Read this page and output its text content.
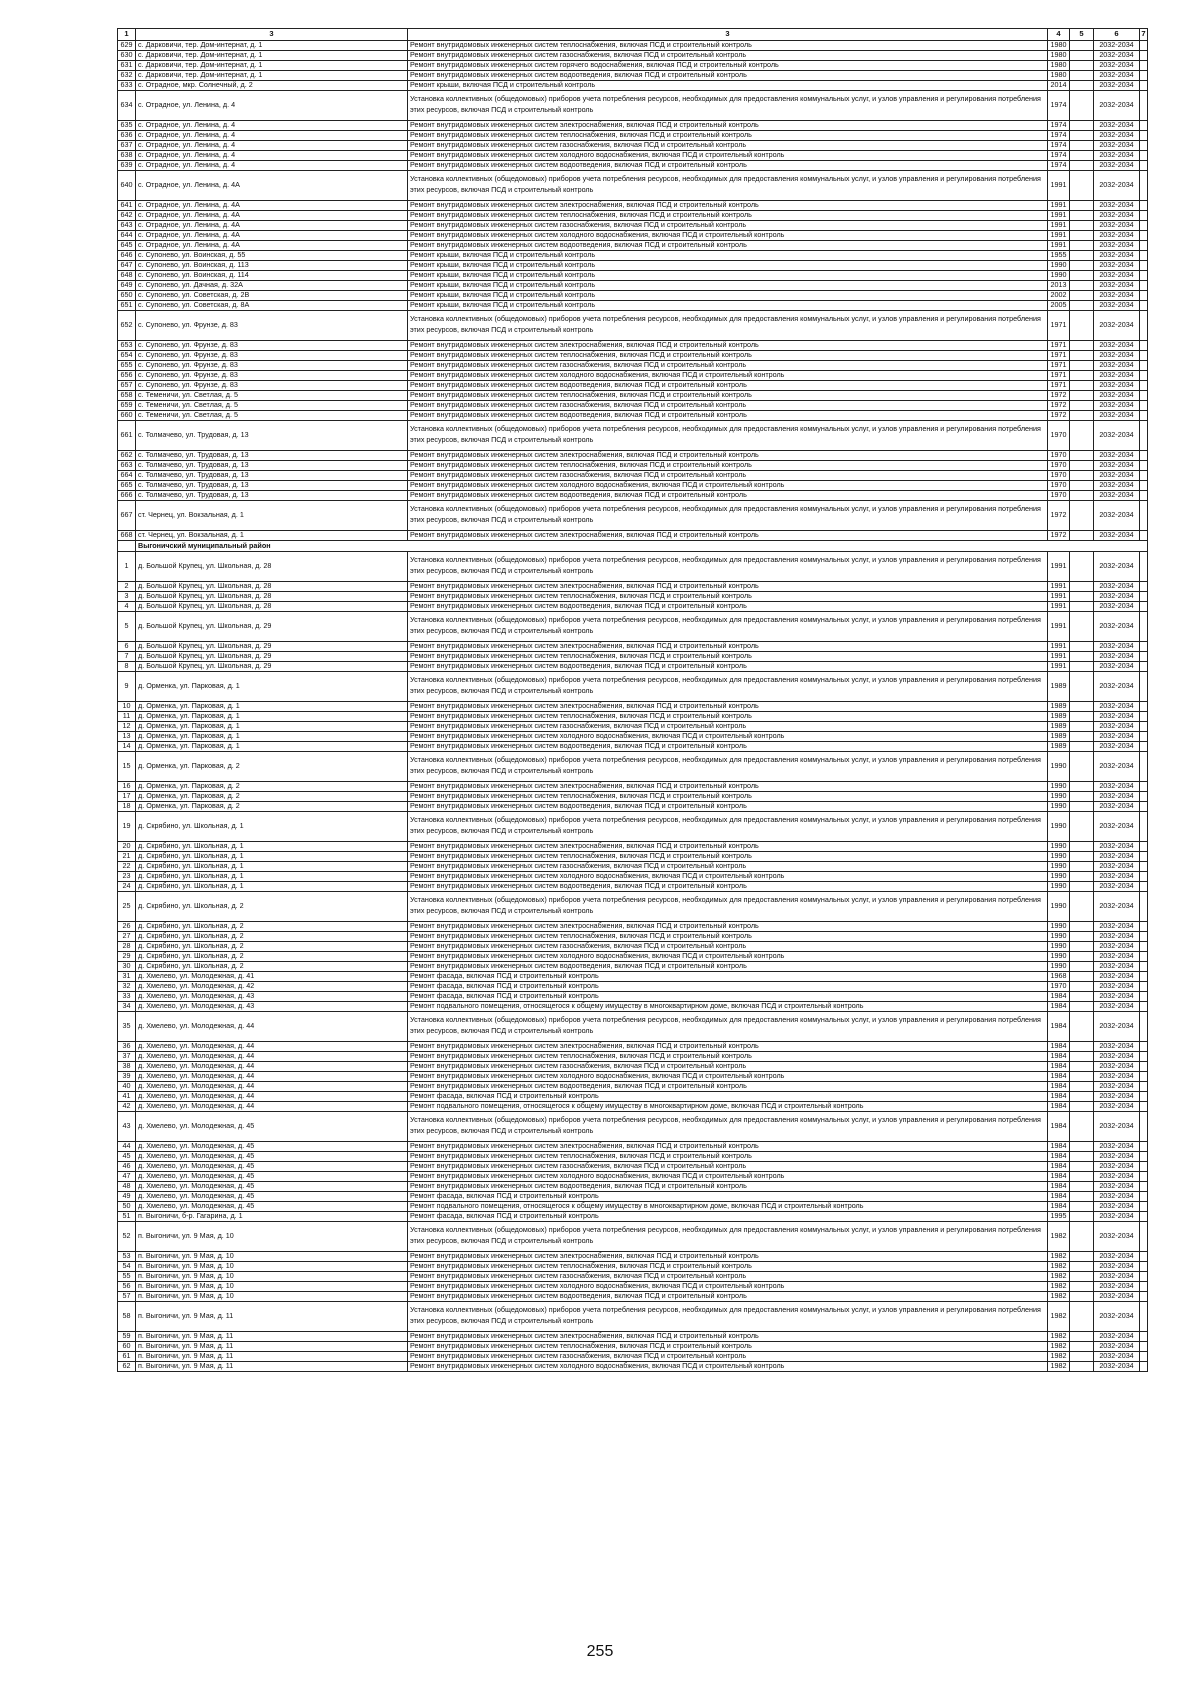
1	3	3	4	5	6	7
629	с. Дарковичи, тер. Дом-интернат, д. 1	Ремонт внутридомовых инженерных систем теплоснабжения, включая ПСД и строительный контроль	1980		2032-2034	
630	с. Дарковичи, тер. Дом-интернат, д. 1	Ремонт внутридомовых инженерных систем газоснабжения, включая ПСД и строительный контроль	1980		2032-2034	
631	с. Дарковичи, тер. Дом-интернат, д. 1	Ремонт внутридомовых инженерных систем горячего водоснабжения, включая ПСД и строительный контроль	1980		2032-2034	
632	с. Дарковичи, тер. Дом-интернат, д. 1	Ремонт внутридомовых инженерных систем водоотведения, включая ПСД и строительный контроль	1980		2032-2034	
633	с. Отрадное, мкр. Солнечный, д. 2	Ремонт крыши, включая ПСД и строительный контроль	2014		2032-2034	
634	с. Отрадное, ул. Ленина, д. 4	Установка коллективных (общедомовых) приборов учета потребления ресурсов, необходимых для предоставления коммунальных услуг, и узлов управления и регулирования потребления этих ресурсов, включая ПСД и строительный контроль	1974		2032-2034	
635	с. Отрадное, ул. Ленина, д. 4	Ремонт внутридомовых инженерных систем электроснабжения, включая ПСД и строительный контроль	1974		2032-2034	
636	с. Отрадное, ул. Ленина, д. 4	Ремонт внутридомовых инженерных систем теплоснабжения, включая ПСД и строительный контроль	1974		2032-2034	
637	с. Отрадное, ул. Ленина, д. 4	Ремонт внутридомовых инженерных систем газоснабжения, включая ПСД и строительный контроль	1974		2032-2034	
638	с. Отрадное, ул. Ленина, д. 4	Ремонт внутридомовых инженерных систем холодного водоснабжения, включая ПСД и строительный контроль	1974		2032-2034	
639	с. Отрадное, ул. Ленина, д. 4	Ремонт внутридомовых инженерных систем водоотведения, включая ПСД и строительный контроль	1974		2032-2034	
640	с. Отрадное, ул. Ленина, д. 4А	Установка коллективных (общедомовых) приборов учета потребления ресурсов, необходимых для предоставления коммунальных услуг, и узлов управления и регулирования потребления этих ресурсов, включая ПСД и строительный контроль	1991		2032-2034	
641	с. Отрадное, ул. Ленина, д. 4А	Ремонт внутридомовых инженерных систем электроснабжения, включая ПСД и строительный контроль	1991		2032-2034	
642	с. Отрадное, ул. Ленина, д. 4А	Ремонт внутридомовых инженерных систем теплоснабжения, включая ПСД и строительный контроль	1991		2032-2034	
643	с. Отрадное, ул. Ленина, д. 4А	Ремонт внутридомовых инженерных систем газоснабжения, включая ПСД и строительный контроль	1991		2032-2034	
644	с. Отрадное, ул. Ленина, д. 4А	Ремонт внутридомовых инженерных систем холодного водоснабжения, включая ПСД и строительный контроль	1991		2032-2034	
645	с. Отрадное, ул. Ленина, д. 4А	Ремонт внутридомовых инженерных систем водоотведения, включая ПСД и строительный контроль	1991		2032-2034	
646	с. Супонево, ул. Воинская, д. 55	Ремонт крыши, включая ПСД и строительный контроль	1955		2032-2034	
647	с. Супонево, ул. Воинская, д. 113	Ремонт крыши, включая ПСД и строительный контроль	1990		2032-2034	
648	с. Супонево, ул. Воинская, д. 114	Ремонт крыши, включая ПСД и строительный контроль	1990		2032-2034	
649	с. Супонево, ул. Дачная, д. 32А	Ремонт крыши, включая ПСД и строительный контроль	2013		2032-2034	
650	с. Супонево, ул. Советская, д. 2В	Ремонт крыши, включая ПСД и строительный контроль	2002		2032-2034	
651	с. Супонево, ул. Советская, д. 8А	Ремонт крыши, включая ПСД и строительный контроль	2005		2032-2034	
652	с. Супонево, ул. Фрунзе, д. 83	Установка коллективных (общедомовых) приборов учета потребления ресурсов, необходимых для предоставления коммунальных услуг, и узлов управления и регулирования потребления этих ресурсов, включая ПСД и строительный контроль	1971		2032-2034	
653	с. Супонево, ул. Фрунзе, д. 83	Ремонт внутридомовых инженерных систем электроснабжения, включая ПСД и строительный контроль	1971		2032-2034	
654	с. Супонево, ул. Фрунзе, д. 83	Ремонт внутридомовых инженерных систем теплоснабжения, включая ПСД и строительный контроль	1971		2032-2034	
655	с. Супонево, ул. Фрунзе, д. 83	Ремонт внутридомовых инженерных систем газоснабжения, включая ПСД и строительный контроль	1971		2032-2034	
656	с. Супонево, ул. Фрунзе, д. 83	Ремонт внутридомовых инженерных систем холодного водоснабжения, включая ПСД и строительный контроль	1971		2032-2034	
657	с. Супонево, ул. Фрунзе, д. 83	Ремонт внутридомовых инженерных систем водоотведения, включая ПСД и строительный контроль	1971		2032-2034	
658	с. Теменичи, ул. Светлая, д. 5	Ремонт внутридомовых инженерных систем теплоснабжения, включая ПСД и строительный контроль	1972		2032-2034	
659	с. Теменичи, ул. Светлая, д. 5	Ремонт внутридомовых инженерных систем газоснабжения, включая ПСД и строительный контроль	1972		2032-2034	
660	с. Теменичи, ул. Светлая, д. 5	Ремонт внутридомовых инженерных систем водоотведения, включая ПСД и строительный контроль	1972		2032-2034	
661	с. Толмачево, ул. Трудовая, д. 13	Установка коллективных (общедомовых) приборов учета потребления ресурсов, необходимых для предоставления коммунальных услуг, и узлов управления и регулирования потребления этих ресурсов, включая ПСД и строительный контроль	1970		2032-2034	
662	с. Толмачево, ул. Трудовая, д. 13	Ремонт внутридомовых инженерных систем электроснабжения, включая ПСД и строительный контроль	1970		2032-2034	
663	с. Толмачево, ул. Трудовая, д. 13	Ремонт внутридомовых инженерных систем теплоснабжения, включая ПСД и строительный контроль	1970		2032-2034	
664	с. Толмачево, ул. Трудовая, д. 13	Ремонт внутридомовых инженерных систем газоснабжения, включая ПСД и строительный контроль	1970		2032-2034	
665	с. Толмачево, ул. Трудовая, д. 13	Ремонт внутридомовых инженерных систем холодного водоснабжения, включая ПСД и строительный контроль	1970		2032-2034	
666	с. Толмачево, ул. Трудовая, д. 13	Ремонт внутридомовых инженерных систем водоотведения, включая ПСД и строительный контроль	1970		2032-2034	
667	ст. Чернец, ул. Вокзальная, д. 1	Установка коллективных (общедомовых) приборов учета потребления ресурсов, необходимых для предоставления коммунальных услуг, и узлов управления и регулирования потребления этих ресурсов, включая ПСД и строительный контроль	1972		2032-2034	
668	ст. Чернец, ул. Вокзальная, д. 1	Ремонт внутридомовых инженерных систем электроснабжения, включая ПСД и строительный контроль	1972		2032-2034	
	Выгоничский муниципальный район					
1	д. Большой Крупец, ул. Школьная, д. 28	Установка коллективных (общедомовых) приборов учета потребления ресурсов, необходимых для предоставления коммунальных услуг, и узлов управления и регулирования потребления этих ресурсов, включая ПСД и строительный контроль	1991		2032-2034	
2	д. Большой Крупец, ул. Школьная, д. 28	Ремонт внутридомовых инженерных систем электроснабжения, включая ПСД и строительный контроль	1991		2032-2034	
3	д. Большой Крупец, ул. Школьная, д. 28	Ремонт внутридомовых инженерных систем теплоснабжения, включая ПСД и строительный контроль	1991		2032-2034	
4	д. Большой Крупец, ул. Школьная, д. 28	Ремонт внутридомовых инженерных систем водоотведения, включая ПСД и строительный контроль	1991		2032-2034	
5	д. Большой Крупец, ул. Школьная, д. 29	Установка коллективных (общедомовых) приборов учета потребления ресурсов, необходимых для предоставления коммунальных услуг, и узлов управления и регулирования потребления этих ресурсов, включая ПСД и строительный контроль	1991		2032-2034	
6	д. Большой Крупец, ул. Школьная, д. 29	Ремонт внутридомовых инженерных систем электроснабжения, включая ПСД и строительный контроль	1991		2032-2034	
7	д. Большой Крупец, ул. Школьная, д. 29	Ремонт внутридомовых инженерных систем теплоснабжения, включая ПСД и строительный контроль	1991		2032-2034	
8	д. Большой Крупец, ул. Школьная, д. 29	Ремонт внутридомовых инженерных систем водоотведения, включая ПСД и строительный контроль	1991		2032-2034	
9	д. Орменка, ул. Парковая, д. 1	Установка коллективных (общедомовых) приборов учета потребления ресурсов, необходимых для предоставления коммунальных услуг, и узлов управления и регулирования потребления этих ресурсов, включая ПСД и строительный контроль	1989		2032-2034	
10	д. Орменка, ул. Парковая, д. 1	Ремонт внутридомовых инженерных систем электроснабжения, включая ПСД и строительный контроль	1989		2032-2034	
11	д. Орменка, ул. Парковая, д. 1	Ремонт внутридомовых инженерных систем теплоснабжения, включая ПСД и строительный контроль	1989		2032-2034	
12	д. Орменка, ул. Парковая, д. 1	Ремонт внутридомовых инженерных систем газоснабжения, включая ПСД и строительный контроль	1989		2032-2034	
13	д. Орменка, ул. Парковая, д. 1	Ремонт внутридомовых инженерных систем холодного водоснабжения, включая ПСД и строительный контроль	1989		2032-2034	
14	д. Орменка, ул. Парковая, д. 1	Ремонт внутридомовых инженерных систем водоотведения, включая ПСД и строительный контроль	1989		2032-2034	
15	д. Орменка, ул. Парковая, д. 2	Установка коллективных (общедомовых) приборов учета потребления ресурсов, необходимых для предоставления коммунальных услуг, и узлов управления и регулирования потребления этих ресурсов, включая ПСД и строительный контроль	1990		2032-2034	
16	д. Орменка, ул. Парковая, д. 2	Ремонт внутридомовых инженерных систем электроснабжения, включая ПСД и строительный контроль	1990		2032-2034	
17	д. Орменка, ул. Парковая, д. 2	Ремонт внутридомовых инженерных систем теплоснабжения, включая ПСД и строительный контроль	1990		2032-2034	
18	д. Орменка, ул. Парковая, д. 2	Ремонт внутридомовых инженерных систем водоотведения, включая ПСД и строительный контроль	1990		2032-2034	
19	д. Скрябино, ул. Школьная, д. 1	Установка коллективных (общедомовых) приборов учета потребления ресурсов, необходимых для предоставления коммунальных услуг, и узлов управления и регулирования потребления этих ресурсов, включая ПСД и строительный контроль	1990		2032-2034	
20	д. Скрябино, ул. Школьная, д. 1	Ремонт внутридомовых инженерных систем электроснабжения, включая ПСД и строительный контроль	1990		2032-2034	
21	д. Скрябино, ул. Школьная, д. 1	Ремонт внутридомовых инженерных систем теплоснабжения, включая ПСД и строительный контроль	1990		2032-2034	
22	д. Скрябино, ул. Школьная, д. 1	Ремонт внутридомовых инженерных систем газоснабжения, включая ПСД и строительный контроль	1990		2032-2034	
23	д. Скрябино, ул. Школьная, д. 1	Ремонт внутридомовых инженерных систем холодного водоснабжения, включая ПСД и строительный контроль	1990		2032-2034	
24	д. Скрябино, ул. Школьная, д. 1	Ремонт внутридомовых инженерных систем водоотведения, включая ПСД и строительный контроль	1990		2032-2034	
25	д. Скрябино, ул. Школьная, д. 2	Установка коллективных (общедомовых) приборов учета потребления ресурсов, необходимых для предоставления коммунальных услуг, и узлов управления и регулирования потребления этих ресурсов, включая ПСД и строительный контроль	1990		2032-2034	
26	д. Скрябино, ул. Школьная, д. 2	Ремонт внутридомовых инженерных систем электроснабжения, включая ПСД и строительный контроль	1990		2032-2034	
27	д. Скрябино, ул. Школьная, д. 2	Ремонт внутридомовых инженерных систем теплоснабжения, включая ПСД и строительный контроль	1990		2032-2034	
28	д. Скрябино, ул. Школьная, д. 2	Ремонт внутридомовых инженерных систем газоснабжения, включая ПСД и строительный контроль	1990		2032-2034	
29	д. Скрябино, ул. Школьная, д. 2	Ремонт внутридомовых инженерных систем холодного водоснабжения, включая ПСД и строительный контроль	1990		2032-2034	
30	д. Скрябино, ул. Школьная, д. 2	Ремонт внутридомовых инженерных систем водоотведения, включая ПСД и строительный контроль	1990		2032-2034	
31	д. Хмелево, ул. Молодежная, д. 41	Ремонт фасада, включая ПСД и строительный контроль	1968		2032-2034	
32	д. Хмелево, ул. Молодежная, д. 42	Ремонт фасада, включая ПСД и строительный контроль	1970		2032-2034	
33	д. Хмелево, ул. Молодежная, д. 43	Ремонт фасада, включая ПСД и строительный контроль	1984		2032-2034	
34	д. Хмелево, ул. Молодежная, д. 43	Ремонт подвального помещения, относящегося к общему имуществу в многоквартирном доме, включая ПСД и строительный контроль	1984		2032-2034	
35	д. Хмелево, ул. Молодежная, д. 44	Установка коллективных (общедомовых) приборов учета потребления ресурсов, необходимых для предоставления коммунальных услуг, и узлов управления и регулирования потребления этих ресурсов, включая ПСД и строительный контроль	1984		2032-2034	
36	д. Хмелево, ул. Молодежная, д. 44	Ремонт внутридомовых инженерных систем электроснабжения, включая ПСД и строительный контроль	1984		2032-2034	
37	д. Хмелево, ул. Молодежная, д. 44	Ремонт внутридомовых инженерных систем теплоснабжения, включая ПСД и строительный контроль	1984		2032-2034	
38	д. Хмелево, ул. Молодежная, д. 44	Ремонт внутридомовых инженерных систем газоснабжения, включая ПСД и строительный контроль	1984		2032-2034	
39	д. Хмелево, ул. Молодежная, д. 44	Ремонт внутридомовых инженерных систем холодного водоснабжения, включая ПСД и строительный контроль	1984		2032-2034	
40	д. Хмелево, ул. Молодежная, д. 44	Ремонт внутридомовых инженерных систем водоотведения, включая ПСД и строительный контроль	1984		2032-2034	
41	д. Хмелево, ул. Молодежная, д. 44	Ремонт фасада, включая ПСД и строительный контроль	1984		2032-2034	
42	д. Хмелево, ул. Молодежная, д. 44	Ремонт подвального помещения, относящегося к общему имуществу в многоквартирном доме, включая ПСД и строительный контроль	1984		2032-2034	
43	д. Хмелево, ул. Молодежная, д. 45	Установка коллективных (общедомовых) приборов учета потребления ресурсов, необходимых для предоставления коммунальных услуг, и узлов управления и регулирования потребления этих ресурсов, включая ПСД и строительный контроль	1984		2032-2034	
44	д. Хмелево, ул. Молодежная, д. 45	Ремонт внутридомовых инженерных систем электроснабжения, включая ПСД и строительный контроль	1984		2032-2034	
45	д. Хмелево, ул. Молодежная, д. 45	Ремонт внутридомовых инженерных систем теплоснабжения, включая ПСД и строительный контроль	1984		2032-2034	
46	д. Хмелево, ул. Молодежная, д. 45	Ремонт внутридомовых инженерных систем газоснабжения, включая ПСД и строительный контроль	1984		2032-2034	
47	д. Хмелево, ул. Молодежная, д. 45	Ремонт внутридомовых инженерных систем холодного водоснабжения, включая ПСД и строительный контроль	1984		2032-2034	
48	д. Хмелево, ул. Молодежная, д. 45	Ремонт внутридомовых инженерных систем водоотведения, включая ПСД и строительный контроль	1984		2032-2034	
49	д. Хмелево, ул. Молодежная, д. 45	Ремонт фасада, включая ПСД и строительный контроль	1984		2032-2034	
50	д. Хмелево, ул. Молодежная, д. 45	Ремонт подвального помещения, относящегося к общему имуществу в многоквартирном доме, включая ПСД и строительный контроль	1984		2032-2034	
51	п. Выгоничи, б-р. Гагарина, д. 1	Ремонт фасада, включая ПСД и строительный контроль	1995		2032-2034	
52	п. Выгоничи, ул. 9 Мая, д. 10	Установка коллективных (общедомовых) приборов учета потребления ресурсов, необходимых для предоставления коммунальных услуг, и узлов управления и регулирования потребления этих ресурсов, включая ПСД и строительный контроль	1982		2032-2034	
53	п. Выгоничи, ул. 9 Мая, д. 10	Ремонт внутридомовых инженерных систем электроснабжения, включая ПСД и строительный контроль	1982		2032-2034	
54	п. Выгоничи, ул. 9 Мая, д. 10	Ремонт внутридомовых инженерных систем теплоснабжения, включая ПСД и строительный контроль	1982		2032-2034	
55	п. Выгоничи, ул. 9 Мая, д. 10	Ремонт внутридомовых инженерных систем газоснабжения, включая ПСД и строительный контроль	1982		2032-2034	
56	п. Выгоничи, ул. 9 Мая, д. 10	Ремонт внутридомовых инженерных систем холодного водоснабжения, включая ПСД и строительный контроль	1982		2032-2034	
57	п. Выгоничи, ул. 9 Мая, д. 10	Ремонт внутридомовых инженерных систем водоотведения, включая ПСД и строительный контроль	1982		2032-2034	
58	п. Выгоничи, ул. 9 Мая, д. 11	Установка коллективных (общедомовых) приборов учета потребления ресурсов, необходимых для предоставления коммунальных услуг, и узлов управления и регулирования потребления этих ресурсов, включая ПСД и строительный контроль	1982		2032-2034	
59	п. Выгоничи, ул. 9 Мая, д. 11	Ремонт внутридомовых инженерных систем электроснабжения, включая ПСД и строительный контроль	1982		2032-2034	
60	п. Выгоничи, ул. 9 Мая, д. 11	Ремонт внутридомовых инженерных систем теплоснабжения, включая ПСД и строительный контроль	1982		2032-2034	
61	п. Выгоничи, ул. 9 Мая, д. 11	Ремонт внутридомовых инженерных систем газоснабжения, включая ПСД и строительный контроль	1982		2032-2034	
62	п. Выгоничи, ул. 9 Мая, д. 11	Ремонт внутридомовых инженерных систем холодного водоснабжения, включая ПСД и строительный контроль	1982		2032-2034	
255
